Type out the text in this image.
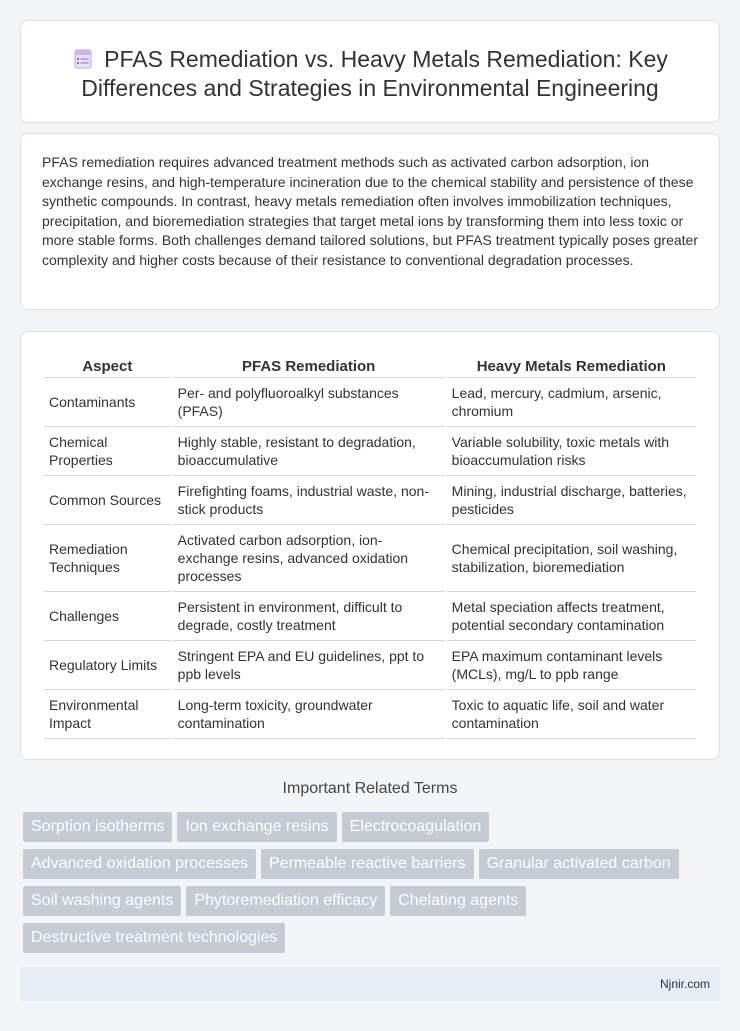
PFAS Remediation vs. Heavy Metals Remediation: Key Differences and Strategies in Environmental Engineering

PFAS remediation requires advanced treatment methods such as activated carbon adsorption, ion exchange resins, and high-temperature incineration due to the chemical stability and persistence of these synthetic compounds. In contrast, heavy metals remediation often involves immobilization techniques, precipitation, and bioremediation strategies that target metal ions by transforming them into less toxic or more stable forms. Both challenges demand tailored solutions, but PFAS treatment typically poses greater complexity and higher costs because of their resistance to conventional degradation processes.

Aspect	PFAS Remediation	Heavy Metals Remediation
Contaminants	Per- and polyfluoroalkyl substances (PFAS)	Lead, mercury, cadmium, arsenic, chromium
Chemical Properties	Highly stable, resistant to degradation, bioaccumulative	Variable solubility, toxic metals with bioaccumulation risks
Common Sources	Firefighting foams, industrial waste, non-stick products	Mining, industrial discharge, batteries, pesticides
Remediation Techniques	Activated carbon adsorption, ion-exchange resins, advanced oxidation processes	Chemical precipitation, soil washing, stabilization, bioremediation
Challenges	Persistent in environment, difficult to degrade, costly treatment	Metal speciation affects treatment, potential secondary contamination
Regulatory Limits	Stringent EPA and EU guidelines, ppt to ppb levels	EPA maximum contaminant levels (MCLs), mg/L to ppb range
Environmental Impact	Long-term toxicity, groundwater contamination	Toxic to aquatic life, soil and water contamination
Important Related Terms
Sorption isotherms Ion exchange resins Electrocoagulation
Advanced oxidation processes Permeable reactive barriers Granular activated carbon
Soil washing agents Phytoremediation efficacy Chelating agents
Destructive treatment technologies
Njnir.com
